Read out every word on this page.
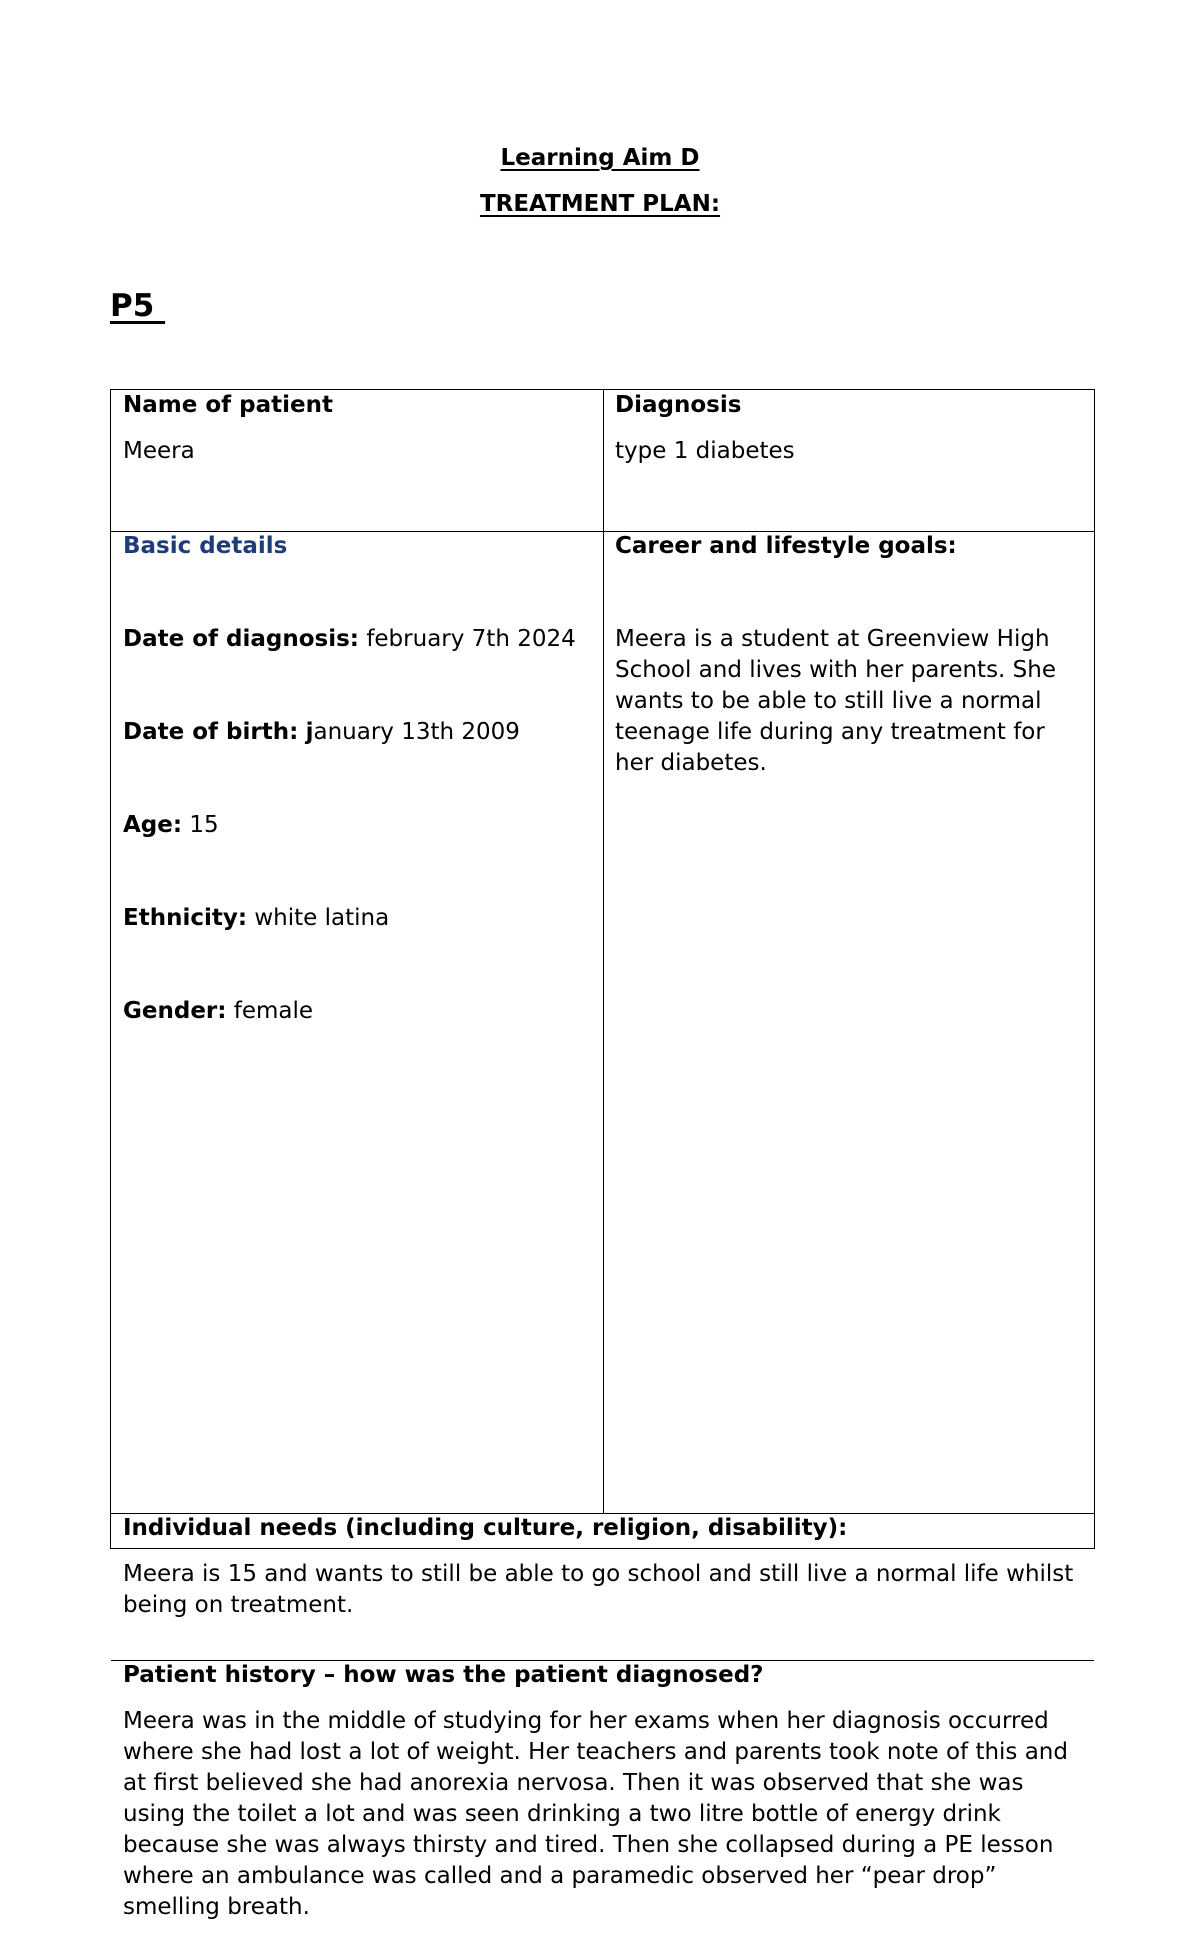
Learning Aim D
TREATMENT PLAN:
P5
Name of patient

Meera

Diagnosis

type 1 diabetes

Basic details

Date of diagnosis: february 7th 2024

Date of birth: january 13th 2009

Age: 15

Ethnicity: white latina

Gender: female

Career and lifestyle goals:

Meera is a student at Greenview High School and lives with her parents. She wants to be able to still live a normal teenage life during any treatment for her diabetes.

Individual needs (including culture, religion, disability):

Meera is 15 and wants to still be able to go school and still live a normal life whilst being on treatment.

Patient history – how was the patient diagnosed?

Meera was in the middle of studying for her exams when her diagnosis occurred where she had lost a lot of weight. Her teachers and parents took note of this and at first believed she had anorexia nervosa. Then it was observed that she was using the toilet a lot and was seen drinking a two litre bottle of energy drink because she was always thirsty and tired. Then she collapsed during a PE lesson where an ambulance was called and a paramedic observed her “pear drop” smelling breath.
